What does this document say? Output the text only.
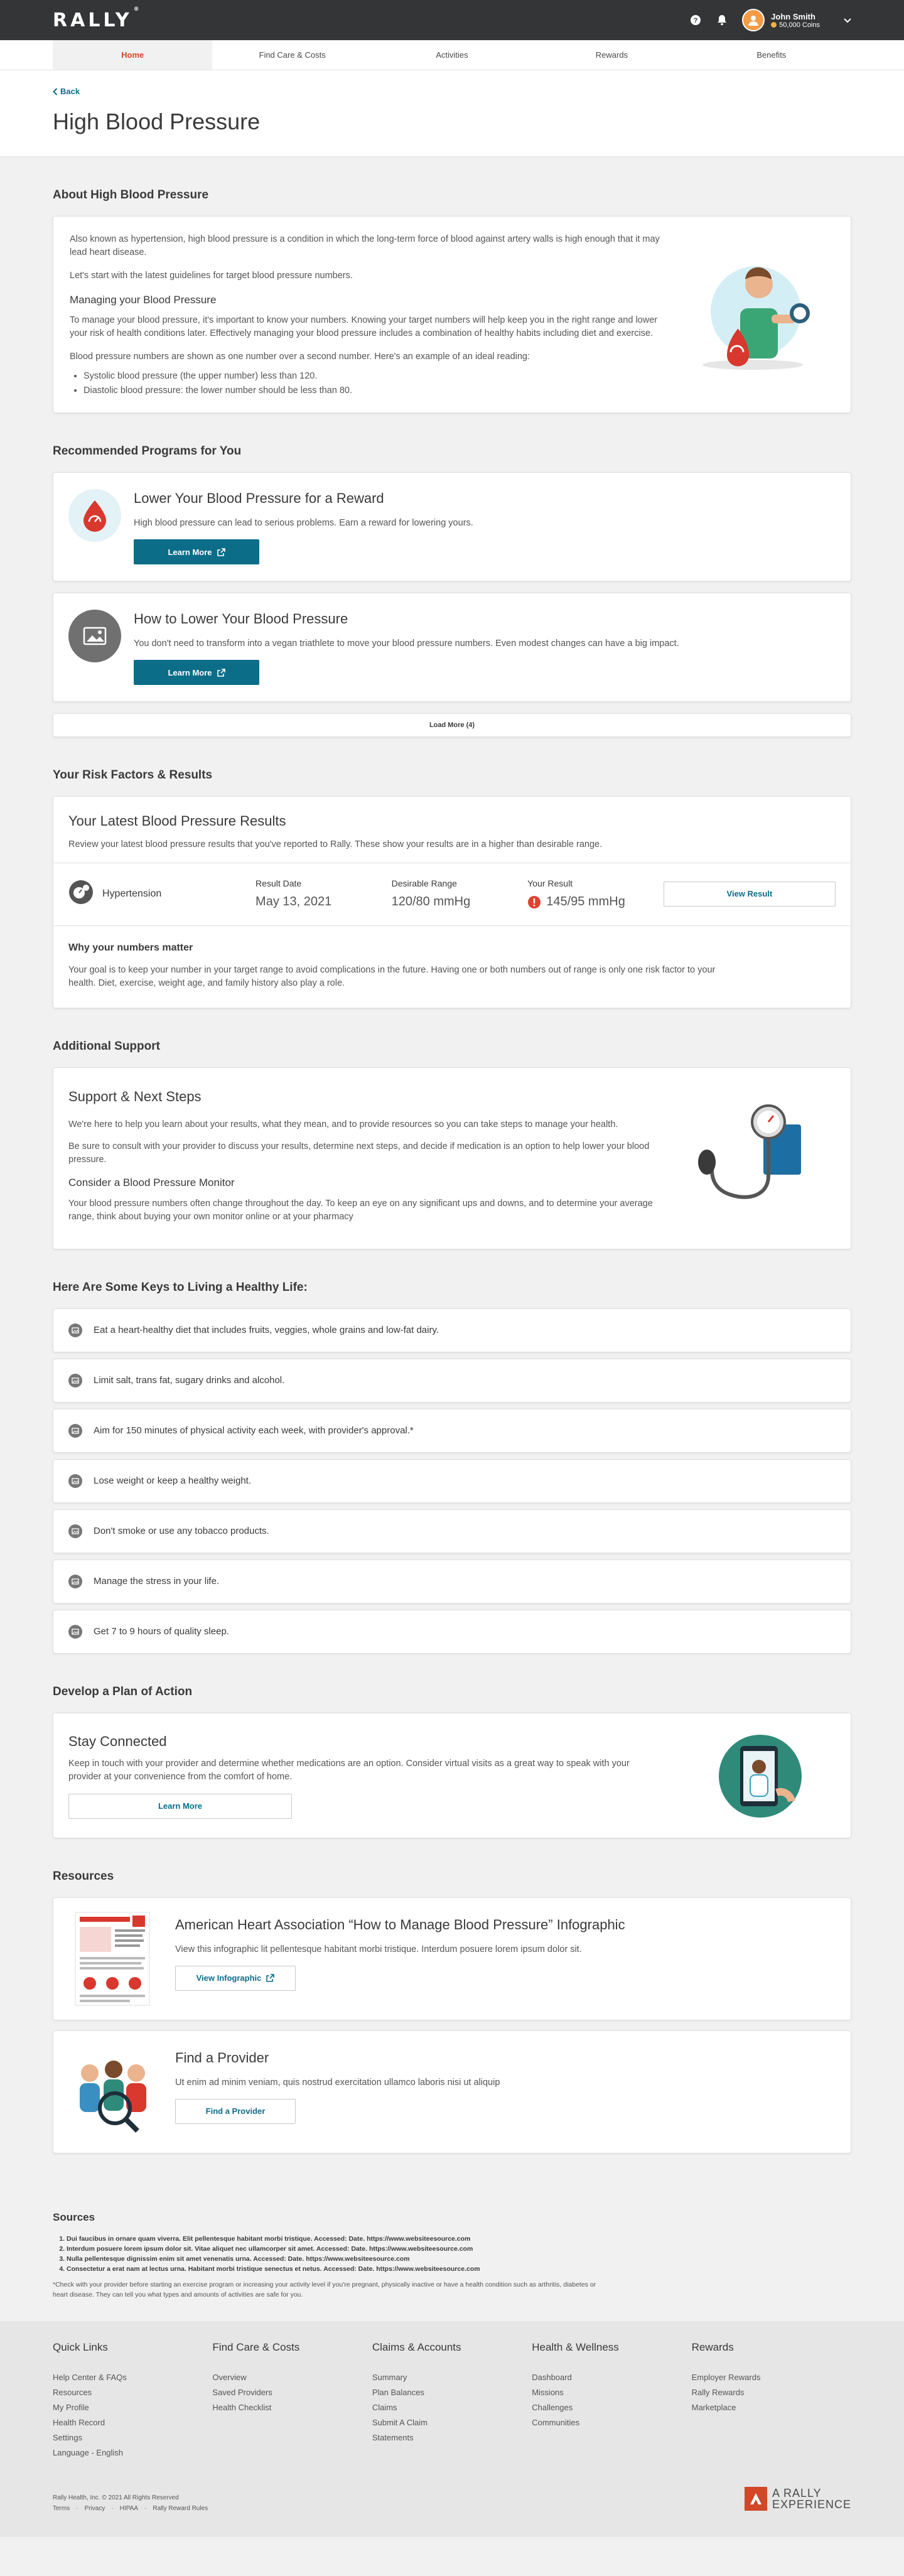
RALLY ®
?	John Smith
50,000 Coins
Home	Find Care & Costs	Activities	Rewards	Benefits
Back
High Blood Pressure
About High Blood Pressure

Also known as hypertension, high blood pressure is a condition in which the long-term force of blood against artery walls is high enough that it may lead heart disease.

Let's start with the latest guidelines for target blood pressure numbers.

Managing your Blood Pressure

To manage your blood pressure, it's important to know your numbers. Knowing your target numbers will help keep you in the right range and lower your risk of health conditions later. Effectively managing your blood pressure includes a combination of healthy habits including diet and exercise.

Blood pressure numbers are shown as one number over a second number. Here's an example of an ideal reading:

• Systolic blood pressure (the upper number) less than 120.
• Diastolic blood pressure: the lower number should be less than 80.
Recommended Programs for You
Lower Your Blood Pressure for a Reward
High blood pressure can lead to serious problems. Earn a reward for lowering yours.
Learn More
How to Lower Your Blood Pressure
You don't need to transform into a vegan triathlete to move your blood pressure numbers. Even modest changes can have a big impact.
Learn More
Load More (4)
Your Risk Factors & Results
Your Latest Blood Pressure Results

Review your latest blood pressure results that you've reported to Rally. These show your results are in a higher than desirable range.

Hypertension
Result Date
May 13, 2021
Desirable Range
120/80 mmHg
Your Result
145/95 mmHg
View Result
Why your numbers matter

Your goal is to keep your number in your target range to avoid complications in the future. Having one or both numbers out of range is only one risk factor to your health. Diet, exercise, weight age, and family history also play a role.

Additional Support
Support & Next Steps

We're here to help you learn about your results, what they mean, and to provide resources so you can take steps to manage your health.

Be sure to consult with your provider to discuss your results, determine next steps, and decide if medication is an option to help lower your blood pressure.

Consider a Blood Pressure Monitor

Your blood pressure numbers often change throughout the day. To keep an eye on any significant ups and downs, and to determine your average range, think about buying your own monitor online or at your pharmacy

Here Are Some Keys to Living a Healthy Life:
Eat a heart-healthy diet that includes fruits, veggies, whole grains and low-fat dairy.
Limit salt, trans fat, sugary drinks and alcohol.
Aim for 150 minutes of physical activity each week, with provider's approval.*
Lose weight or keep a healthy weight.
Don't smoke or use any tobacco products.
Manage the stress in your life.
Get 7 to 9 hours of quality sleep.
Develop a Plan of Action
Stay Connected

Keep in touch with your provider and determine whether medications are an option. Consider virtual visits as a great way to speak with your provider at your convenience from the comfort of home.

Learn More
Resources
American Heart Association “How to Manage Blood Pressure” Infographic

View this infographic lit pellentesque habitant morbi tristique. Interdum posuere lorem ipsum dolor sit.

View Infographic
Find a Provider

Ut enim ad minim veniam, quis nostrud exercitation ullamco laboris nisi ut aliquip

Find a Provider
Sources
1. Dui faucibus in ornare quam viverra. Elit pellentesque habitant morbi tristique. Accessed: Date. https://www.websiteesource.com
2. Interdum posuere lorem ipsum dolor sit. Vitae aliquet nec ullamcorper sit amet. Accessed: Date. https://www.websiteesource.com
3. Nulla pellentesque dignissim enim sit amet venenatis urna. Accessed: Date. https://www.websiteesource.com
4. Consectetur a erat nam at lectus urna. Habitant morbi tristique senectus et netus. Accessed: Date. https://www.websiteesource.com

*Check with your provider before starting an exercise program or increasing your activity level if you're pregnant, physically inactive or have a health condition such as arthritis, diabetes or heart disease. They can tell you what types and amounts of activities are safe for you.

Quick Links
Help Center & FAQs
Resources
My Profile
Health Record
Settings
Language - English
Find Care & Costs
Overview
Saved Providers
Health Checklist
Claims & Accounts
Summary
Plan Balances
Claims
Submit A Claim
Statements
Health & Wellness
Dashboard
Missions
Challenges
Communities
Rewards
Employer Rewards
Rally Rewards
Marketplace
Rally Health, Inc. © 2021 All Rights Reserved
Terms · Privacy · HIPAA · Rally Reward Rules
A RALLY
EXPERIENCE
